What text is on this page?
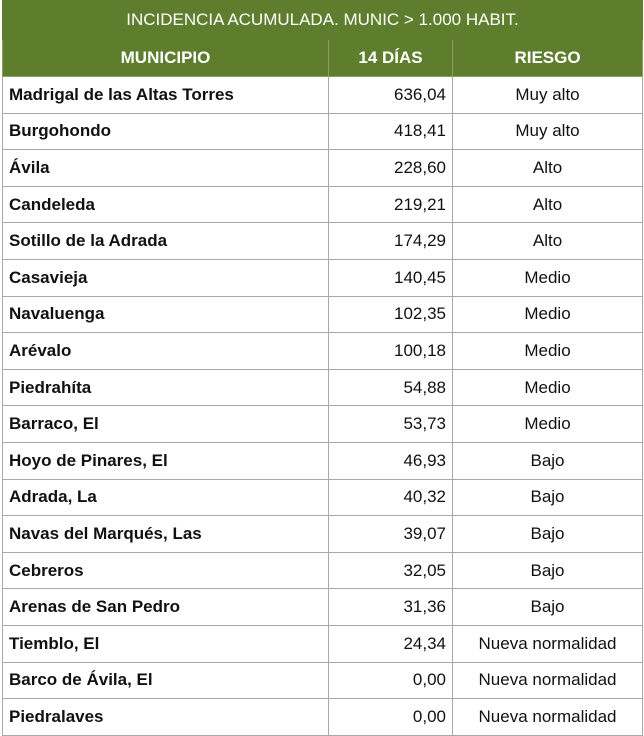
INCIDENCIA ACUMULADA. MUNIC > 1.000 HABIT.		
MUNICIPIO	14 DÍAS	RIESGO
Madrigal de las Altas Torres	636,04	Muy alto
Burgohondo	418,41	Muy alto
Ávila	228,60	Alto
Candeleda	219,21	Alto
Sotillo de la Adrada	174,29	Alto
Casavieja	140,45	Medio
Navaluenga	102,35	Medio
Arévalo	100,18	Medio
Piedrahíta	54,88	Medio
Barraco, El	53,73	Medio
Hoyo de Pinares, El	46,93	Bajo
Adrada, La	40,32	Bajo
Navas del Marqués, Las	39,07	Bajo
Cebreros	32,05	Bajo
Arenas de San Pedro	31,36	Bajo
Tiemblo, El	24,34	Nueva normalidad
Barco de Ávila, El	0,00	Nueva normalidad
Piedralaves	0,00	Nueva normalidad
